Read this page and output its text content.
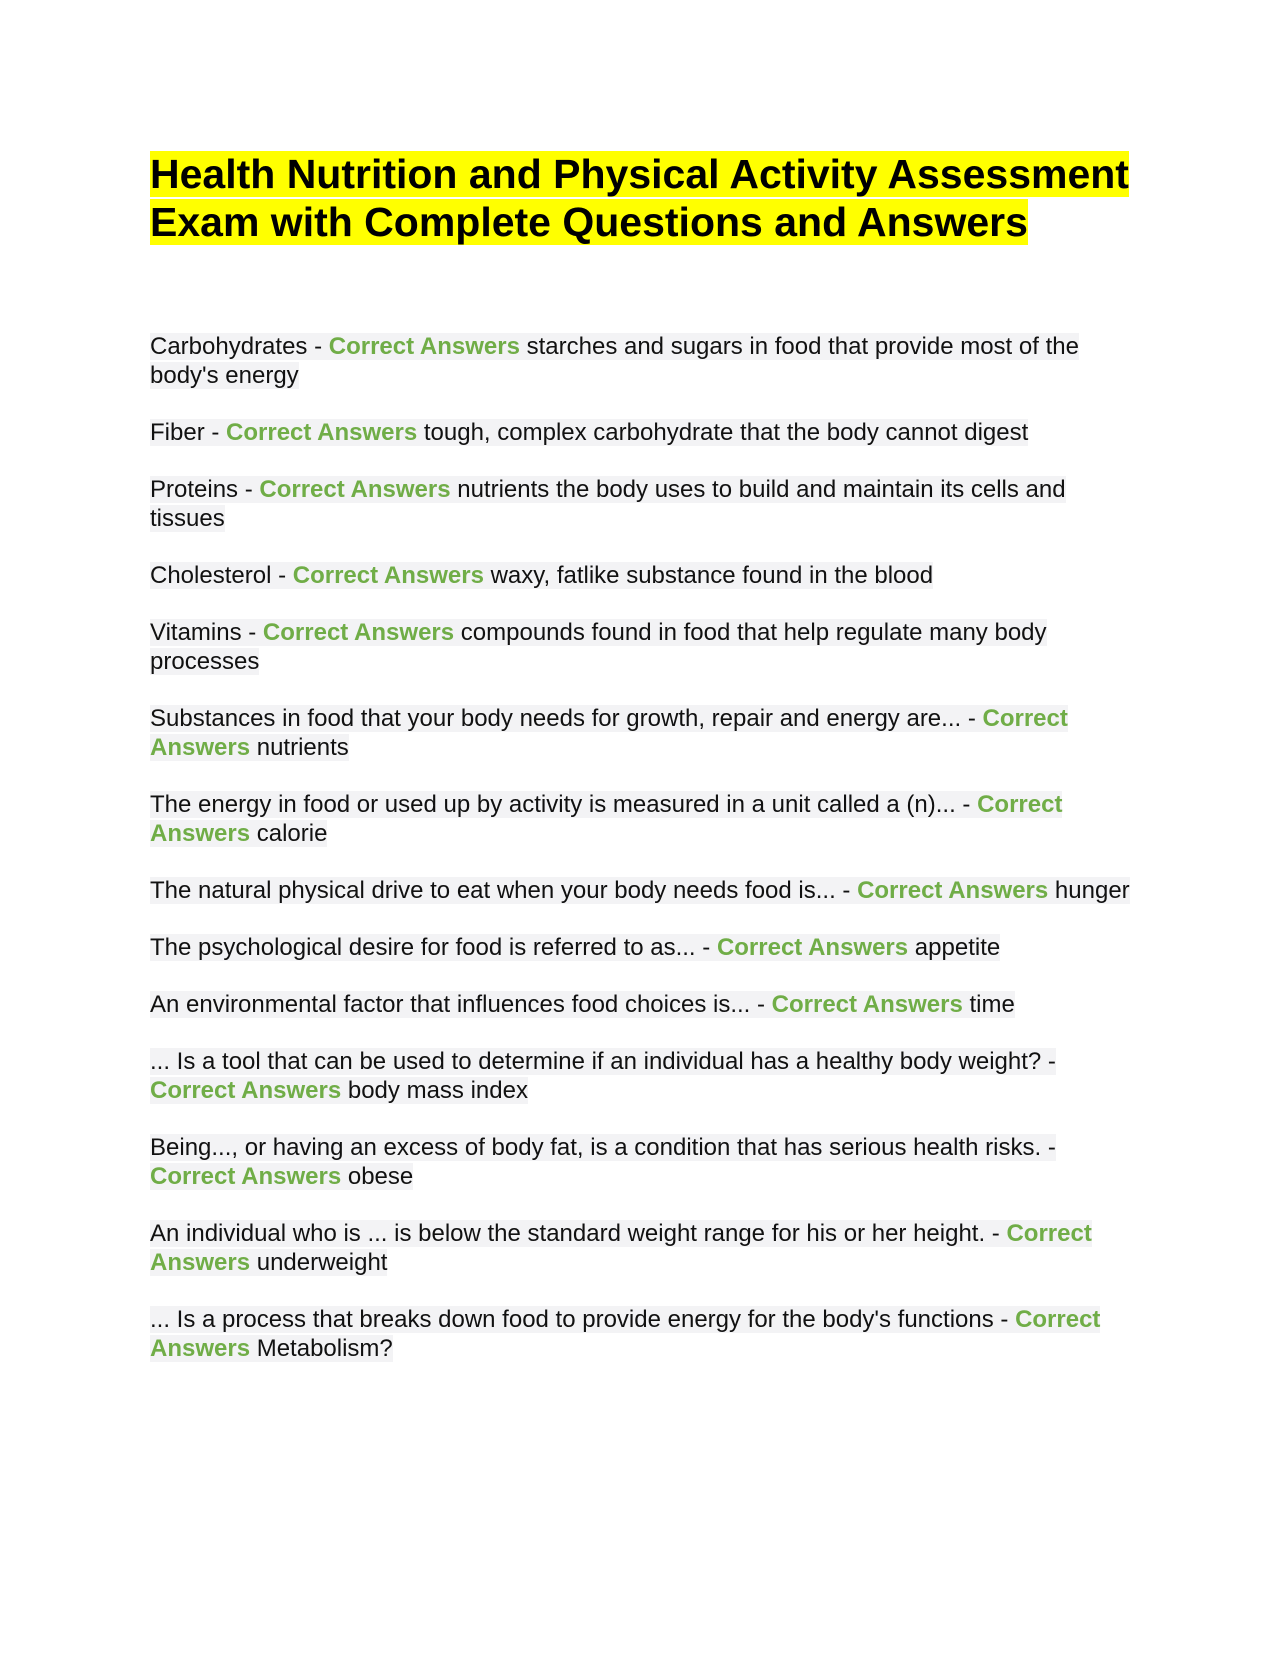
Health Nutrition and Physical Activity Assessment Exam with Complete Questions and Answers

Carbohydrates - Correct Answers starches and sugars in food that provide most of the body's energy

Fiber - Correct Answers tough, complex carbohydrate that the body cannot digest

Proteins - Correct Answers nutrients the body uses to build and maintain its cells and tissues

Cholesterol - Correct Answers waxy, fatlike substance found in the blood

Vitamins - Correct Answers compounds found in food that help regulate many body processes

Substances in food that your body needs for growth, repair and energy are... - Correct Answers nutrients

The energy in food or used up by activity is measured in a unit called a (n)... - Correct Answers calorie

The natural physical drive to eat when your body needs food is... - Correct Answers hunger

The psychological desire for food is referred to as... - Correct Answers appetite

An environmental factor that influences food choices is... - Correct Answers time

... Is a tool that can be used to determine if an individual has a healthy body weight? - Correct Answers body mass index

Being..., or having an excess of body fat, is a condition that has serious health risks. - Correct Answers obese

An individual who is ... is below the standard weight range for his or her height. - Correct Answers underweight

... Is a process that breaks down food to provide energy for the body's functions - Correct Answers Metabolism?
